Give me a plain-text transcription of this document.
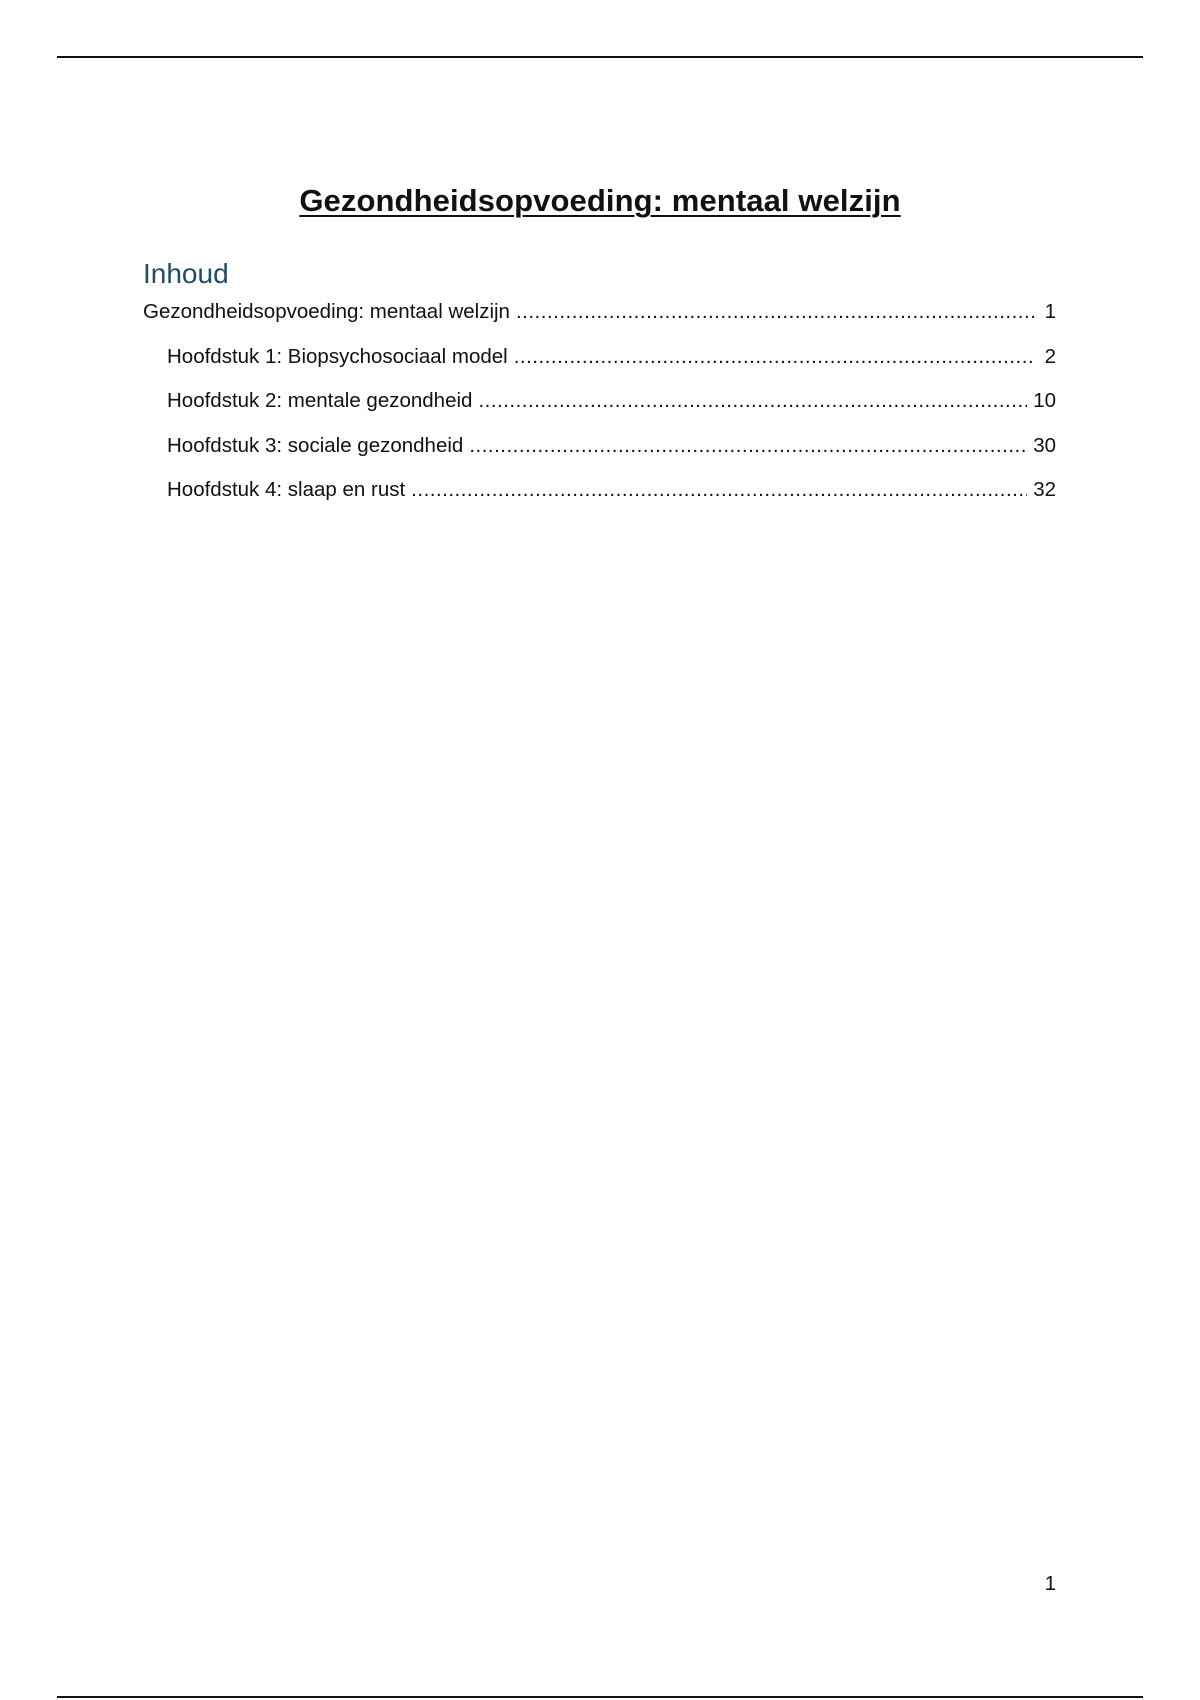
Gezondheidsopvoeding: mentaal welzijn
Inhoud
Gezondheidsopvoeding: mentaal welzijn .....	1
Hoofdstuk 1: Biopsychosociaal model .....	2
Hoofdstuk 2: mentale gezondheid .....	10
Hoofdstuk 3: sociale gezondheid .....	30
Hoofdstuk 4: slaap en rust .....	32
1
